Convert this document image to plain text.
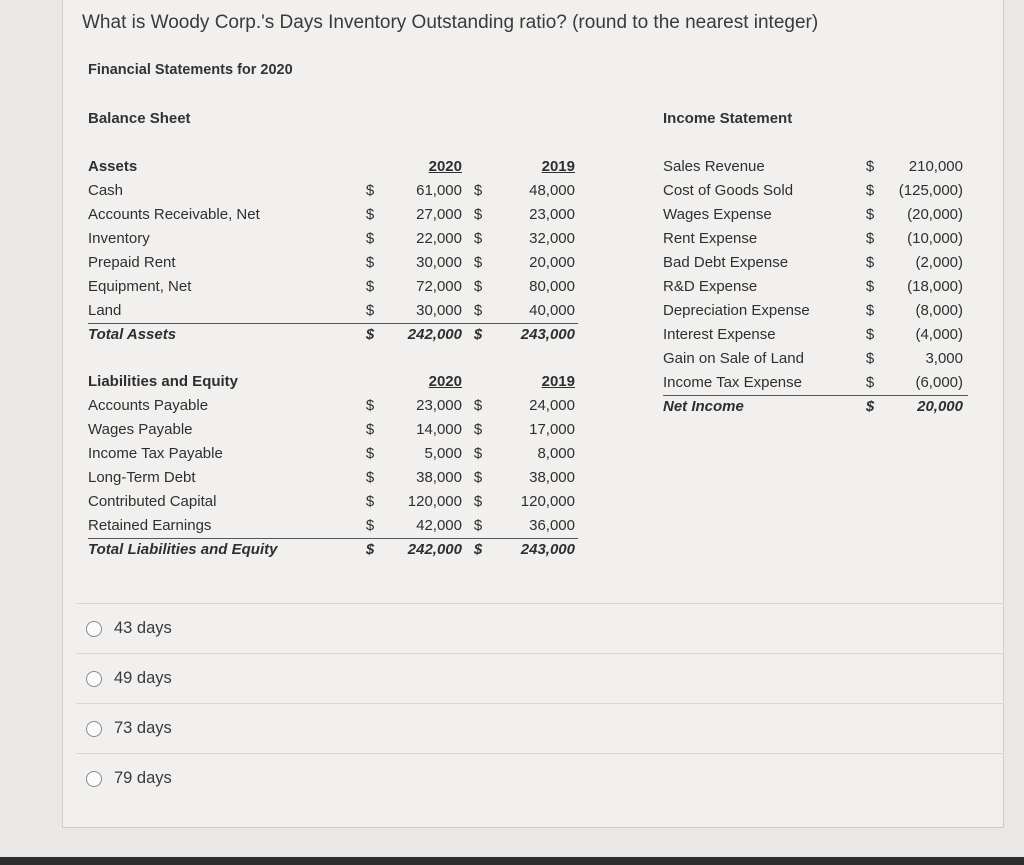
What is Woody Corp.'s Days Inventory Outstanding ratio? (round to the nearest integer)
Financial Statements for 2020
Balance Sheet	Income Statement
Assets	2020	2019
Cash	$	61,000 $	48,000
Accounts Receivable, Net	$	27,000 $	23,000
Inventory	$	22,000 $	32,000
Prepaid Rent	$	30,000 $	20,000
Equipment, Net	$	72,000 $	80,000
Land	$	30,000 $	40,000
Total Assets	$	242,000 $	243,000
Liabilities and Equity	2020	2019
Accounts Payable	$	23,000 $	24,000
Wages Payable	$	14,000 $	17,000
Income Tax Payable	$	5,000 $	8,000
Long-Term Debt	$	38,000 $	38,000
Contributed Capital	$	120,000 $	120,000
Retained Earnings	$	42,000 $	36,000
Total Liabilities and Equity	$	242,000 $	243,000
Sales Revenue	$	210,000
Cost of Goods Sold	$	(125,000)
Wages Expense	$	(20,000)
Rent Expense	$	(10,000)
Bad Debt Expense	$	(2,000)
R&D Expense	$	(18,000)
Depreciation Expense	$	(8,000)
Interest Expense	$	(4,000)
Gain on Sale of Land	$	3,000
Income Tax Expense	$	(6,000)
Net Income	$	20,000
43 days
49 days
73 days
79 days
